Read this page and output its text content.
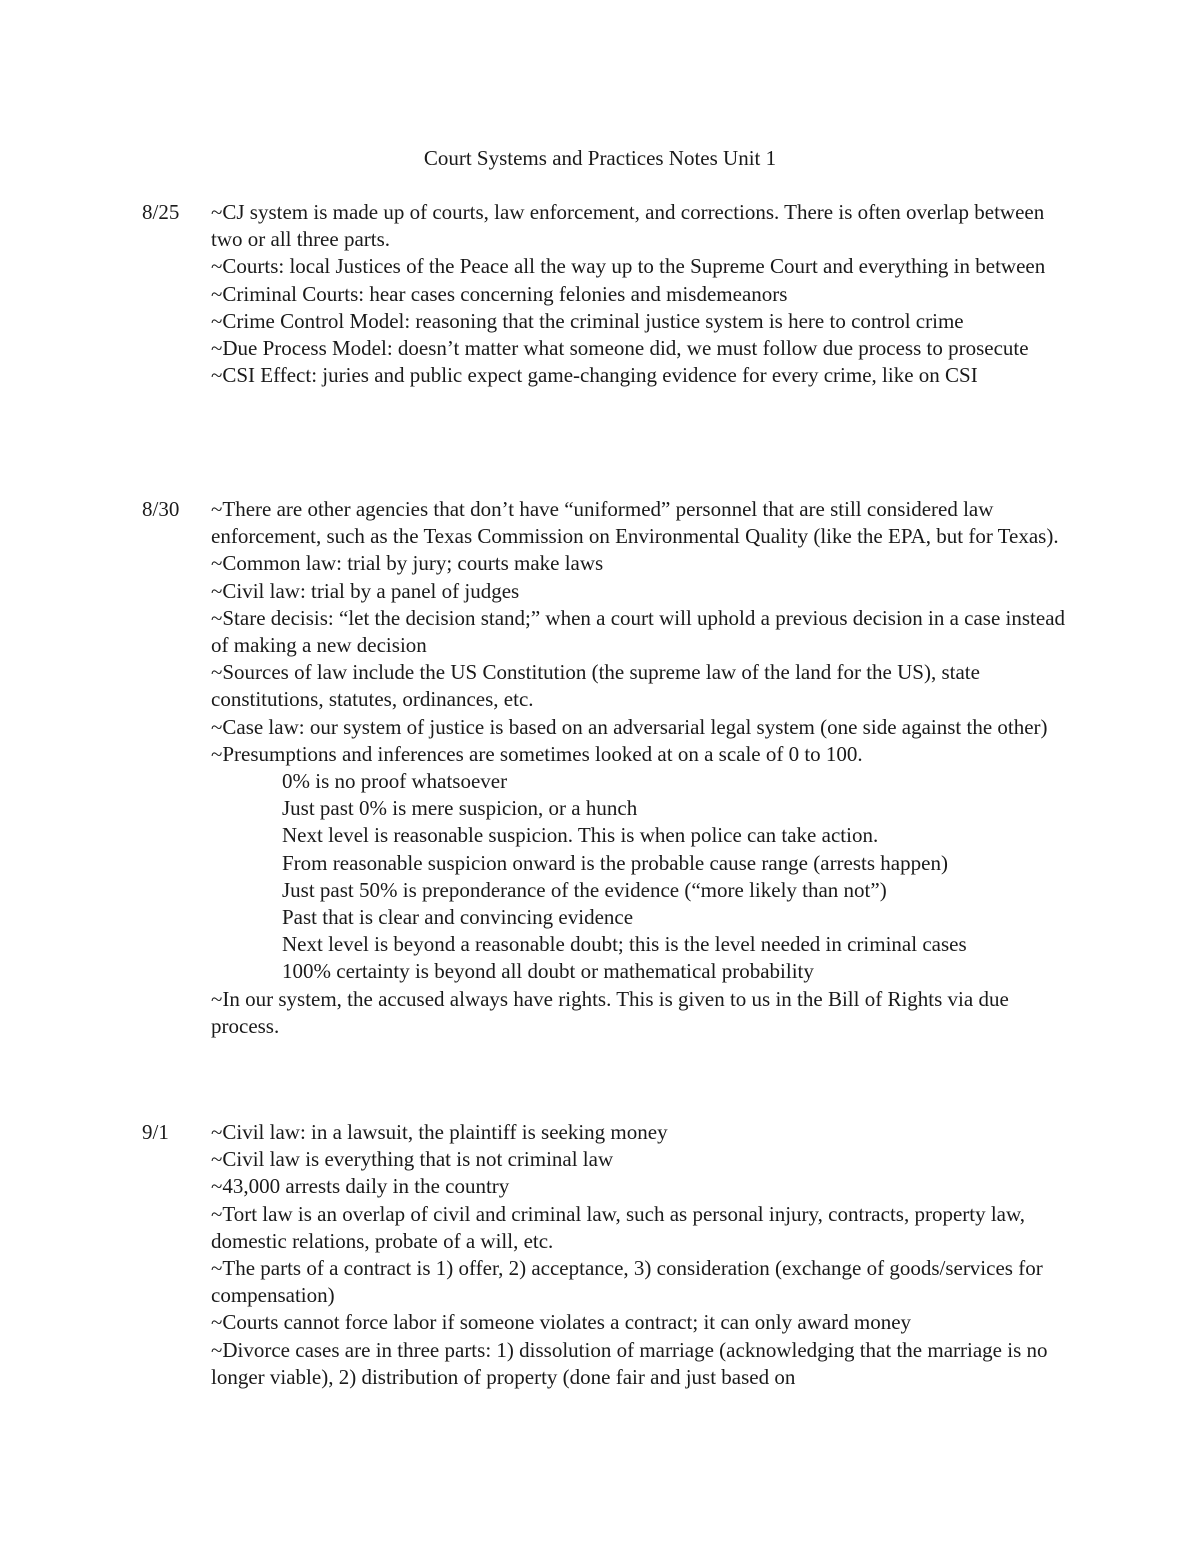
Court Systems and Practices Notes Unit 1
8/25 ~CJ system is made up of courts, law enforcement, and corrections. There is often overlap between two or all three parts.

~Courts: local Justices of the Peace all the way up to the Supreme Court and everything in between

~Criminal Courts: hear cases concerning felonies and misdemeanors

~Crime Control Model: reasoning that the criminal justice system is here to control crime

~Due Process Model: doesn’t matter what someone did, we must follow due process to prosecute

~CSI Effect: juries and public expect game-changing evidence for every crime, like on CSI

8/30 ~There are other agencies that don’t have “uniformed” personnel that are still considered law enforcement, such as the Texas Commission on Environmental Quality (like the EPA, but for Texas).

~Common law: trial by jury; courts make laws

~Civil law: trial by a panel of judges

~Stare decisis: “let the decision stand;” when a court will uphold a previous decision in a case instead of making a new decision

~Sources of law include the US Constitution (the supreme law of the land for the US), state constitutions, statutes, ordinances, etc.

~Case law: our system of justice is based on an adversarial legal system (one side against the other)

~Presumptions and inferences are sometimes looked at on a scale of 0 to 100.

0% is no proof whatsoever

Just past 0% is mere suspicion, or a hunch

Next level is reasonable suspicion. This is when police can take action.

From reasonable suspicion onward is the probable cause range (arrests happen)

Just past 50% is preponderance of the evidence (“more likely than not”)

Past that is clear and convincing evidence

Next level is beyond a reasonable doubt; this is the level needed in criminal cases

100% certainty is beyond all doubt or mathematical probability

~In our system, the accused always have rights. This is given to us in the Bill of Rights via due process.

9/1 ~Civil law: in a lawsuit, the plaintiff is seeking money

~Civil law is everything that is not criminal law

~43,000 arrests daily in the country

~Tort law is an overlap of civil and criminal law, such as personal injury, contracts, property law, domestic relations, probate of a will, etc.

~The parts of a contract is 1) offer, 2) acceptance, 3) consideration (exchange of goods/services for compensation)

~Courts cannot force labor if someone violates a contract; it can only award money

~Divorce cases are in three parts: 1) dissolution of marriage (acknowledging that the marriage is no longer viable), 2) distribution of property (done fair and just based on
